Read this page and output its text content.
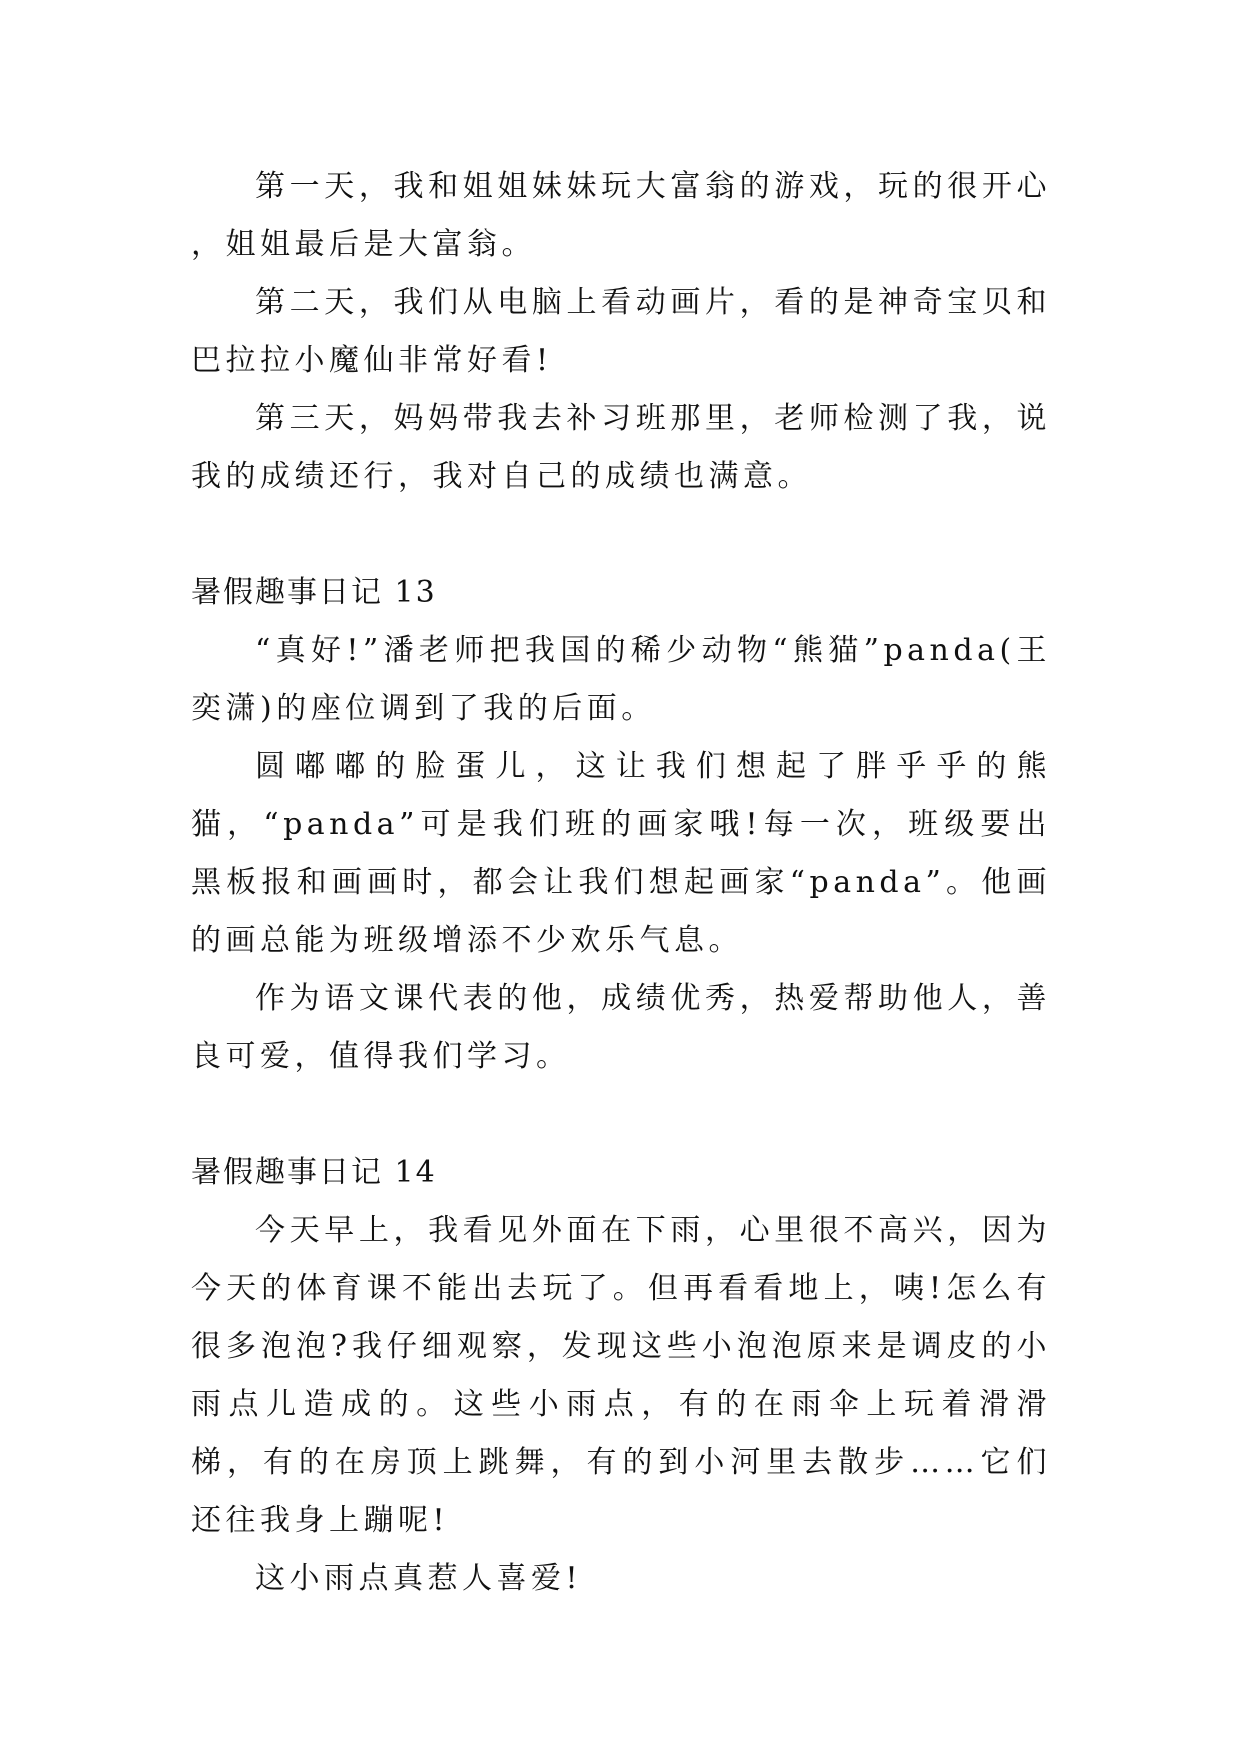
第一天，我和姐姐妹妹玩大富翁的游戏，玩的很开心 ，姐姐最后是大富翁。

第二天，我们从电脑上看动画片，看的是神奇宝贝和巴拉拉小魔仙非常好看!

第三天，妈妈带我去补习班那里，老师检测了我，说我的成绩还行，我对自己的成绩也满意。

暑假趣事日记 13

“真好!”潘老师把我国的稀少动物“熊猫”panda(王奕潇)的座位调到了我的后面。

圆嘟嘟的脸蛋儿，这让我们想起了胖乎乎的熊猫，“panda”可是我们班的画家哦!每一次，班级要出黑板报和画画时，都会让我们想起画家“panda”。他画的画总能为班级增添不少欢乐气息。

作为语文课代表的他，成绩优秀，热爱帮助他人，善良可爱，值得我们学习。

暑假趣事日记 14

今天早上，我看见外面在下雨，心里很不高兴，因为今天的体育课不能出去玩了。但再看看地上，咦!怎么有很多泡泡?我仔细观察，发现这些小泡泡原来是调皮的小雨点儿造成的。这些小雨点，有的在雨伞上玩着滑滑梯，有的在房顶上跳舞，有的到小河里去散步……它们还往我身上蹦呢!

这小雨点真惹人喜爱!
